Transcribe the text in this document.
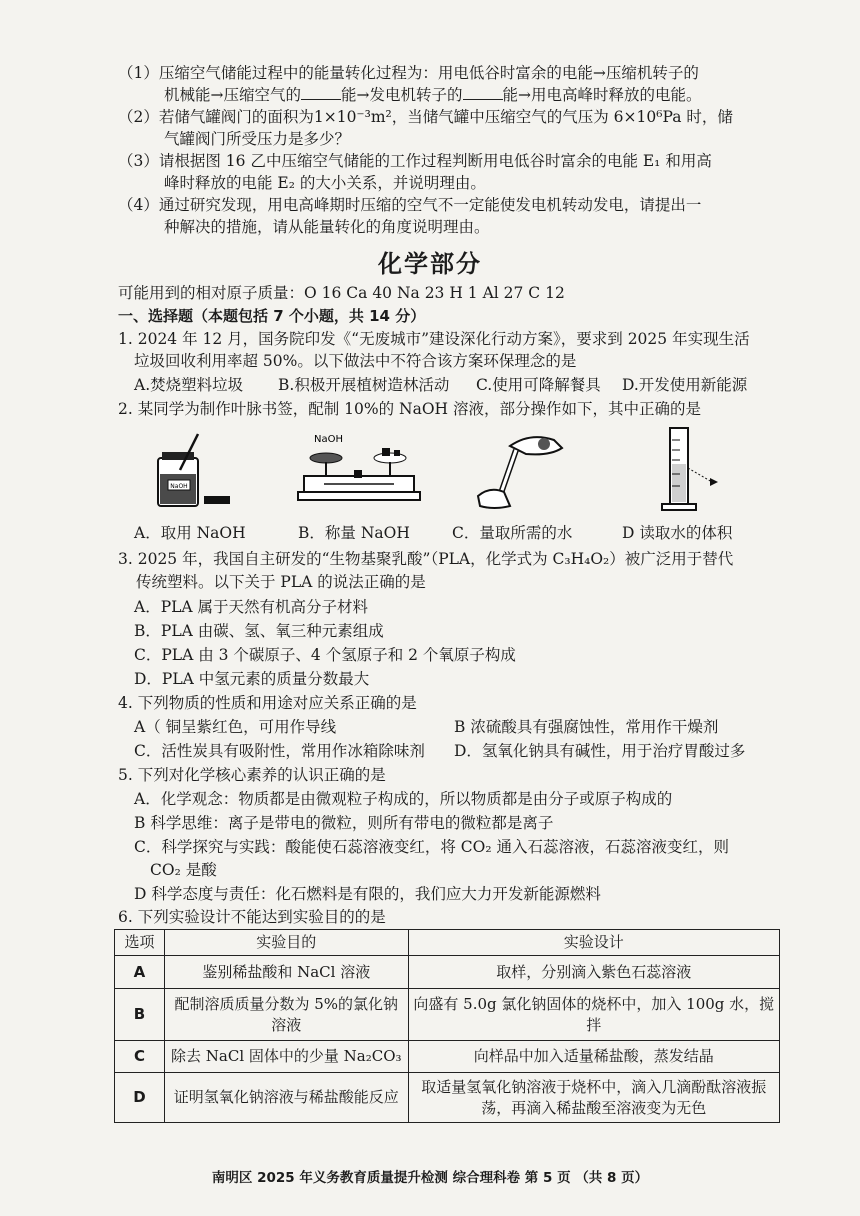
（1）压缩空气储能过程中的能量转化过程为：用电低谷时富余的电能→压缩机转子的
机械能→压缩空气的	能→发电机转子的	能→用电高峰时释放的电能。
（2）若储气罐阀门的面积为1×10⁻³m²，当储气罐中压缩空气的气压为 6×10⁶Pa 时，储
气罐阀门所受压力是多少？
（3）请根据图 16 乙中压缩空气储能的工作过程判断用电低谷时富余的电能 E₁ 和用高
峰时释放的电能 E₂ 的大小关系，并说明理由。
（4）通过研究发现，用电高峰期时压缩的空气不一定能使发电机转动发电，请提出一
种解决的措施，请从能量转化的角度说明理由。
化学部分
可能用到的相对原子质量：O 16 Ca 40 Na 23 H 1 Al 27 C 12
一、选择题（本题包括 7 个小题，共 14 分）
1. 2024 年 12 月，国务院印发《“无废城市”建设深化行动方案》，要求到 2025 年实现生活
垃圾回收利用率超 50%。以下做法中不符合该方案环保理念的是
A.焚烧塑料垃圾 B.积极开展植树造林活动 C.使用可降解餐具 D.开发使用新能源
2. 某同学为制作叶脉书签，配制 10%的 NaOH 溶液，部分操作如下，其中正确的是
NaOH
NaOH
A．取用 NaOH	B．称量 NaOH	C．量取所需的水	D 读取水的体积
3. 2025 年，我国自主研发的“生物基聚乳酸”（PLA，化学式为 C₃H₄O₂）被广泛用于替代
传统塑料。以下关于 PLA 的说法正确的是
A．PLA 属于天然有机高分子材料
B．PLA 由碳、氢、氧三种元素组成
C．PLA 由 3 个碳原子、4 个氢原子和 2 个氧原子构成
D．PLA 中氢元素的质量分数最大
4. 下列物质的性质和用途对应关系正确的是
A（ 铜呈紫红色，可用作导线	B 浓硫酸具有强腐蚀性，常用作干燥剂
C．活性炭具有吸附性，常用作冰箱除味剂 D．氢氧化钠具有碱性，用于治疗胃酸过多
5. 下列对化学核心素养的认识正确的是
A．化学观念：物质都是由微观粒子构成的，所以物质都是由分子或原子构成的
B 科学思维：离子是带电的微粒，则所有带电的微粒都是离子
C．科学探究与实践：酸能使石蕊溶液变红，将 CO₂ 通入石蕊溶液，石蕊溶液变红，则
CO₂ 是酸
D 科学态度与责任：化石燃料是有限的，我们应大力开发新能源燃料
6. 下列实验设计不能达到实验目的的是
选项	实验目的	实验设计
A	鉴别稀盐酸和 NaCl 溶液	取样，分别滴入紫色石蕊溶液
B	配制溶质质量分数为 5%的氯化钠溶液	向盛有 5.0g 氯化钠固体的烧杯中，加入 100g 水，搅拌
C	除去 NaCl 固体中的少量 Na₂CO₃	向样品中加入适量稀盐酸，蒸发结晶
D	证明氢氧化钠溶液与稀盐酸能反应	取适量氢氧化钠溶液于烧杯中，滴入几滴酚酞溶液振荡，再滴入稀盐酸至溶液变为无色
南明区 2025 年义务教育质量提升检测 综合理科卷 第 5 页 （共 8 页）
